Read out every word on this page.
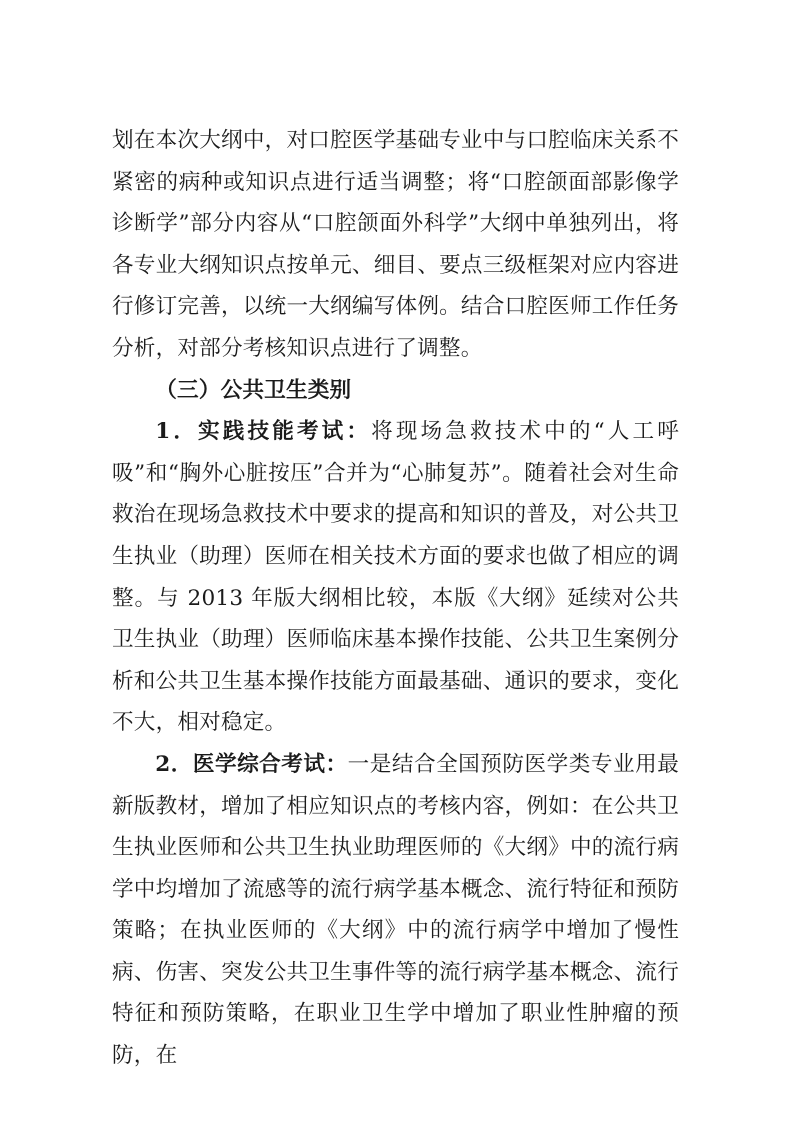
划在本次大纲中，对口腔医学基础专业中与口腔临床关系不紧密的病种或知识点进行适当调整；将“口腔颌面部影像学诊断学”部分内容从“口腔颌面外科学”大纲中单独列出，将各专业大纲知识点按单元、细目、要点三级框架对应内容进行修订完善，以统一大纲编写体例。结合口腔医师工作任务分析，对部分考核知识点进行了调整。

（三）公共卫生类别

1．实践技能考试：将现场急救技术中的“人工呼吸”和“胸外心脏按压”合并为“心肺复苏”。随着社会对生命救治在现场急救技术中要求的提高和知识的普及，对公共卫生执业（助理）医师在相关技术方面的要求也做了相应的调整。与 2013 年版大纲相比较，本版《大纲》延续对公共卫生执业（助理）医师临床基本操作技能、公共卫生案例分析和公共卫生基本操作技能方面最基础、通识的要求，变化不大，相对稳定。

2．医学综合考试：一是结合全国预防医学类专业用最新版教材，增加了相应知识点的考核内容，例如：在公共卫生执业医师和公共卫生执业助理医师的《大纲》中的流行病学中均增加了流感等的流行病学基本概念、流行特征和预防策略；在执业医师的《大纲》中的流行病学中增加了慢性病、伤害、突发公共卫生事件等的流行病学基本概念、流行特征和预防策略，在职业卫生学中增加了职业性肿瘤的预防，在
